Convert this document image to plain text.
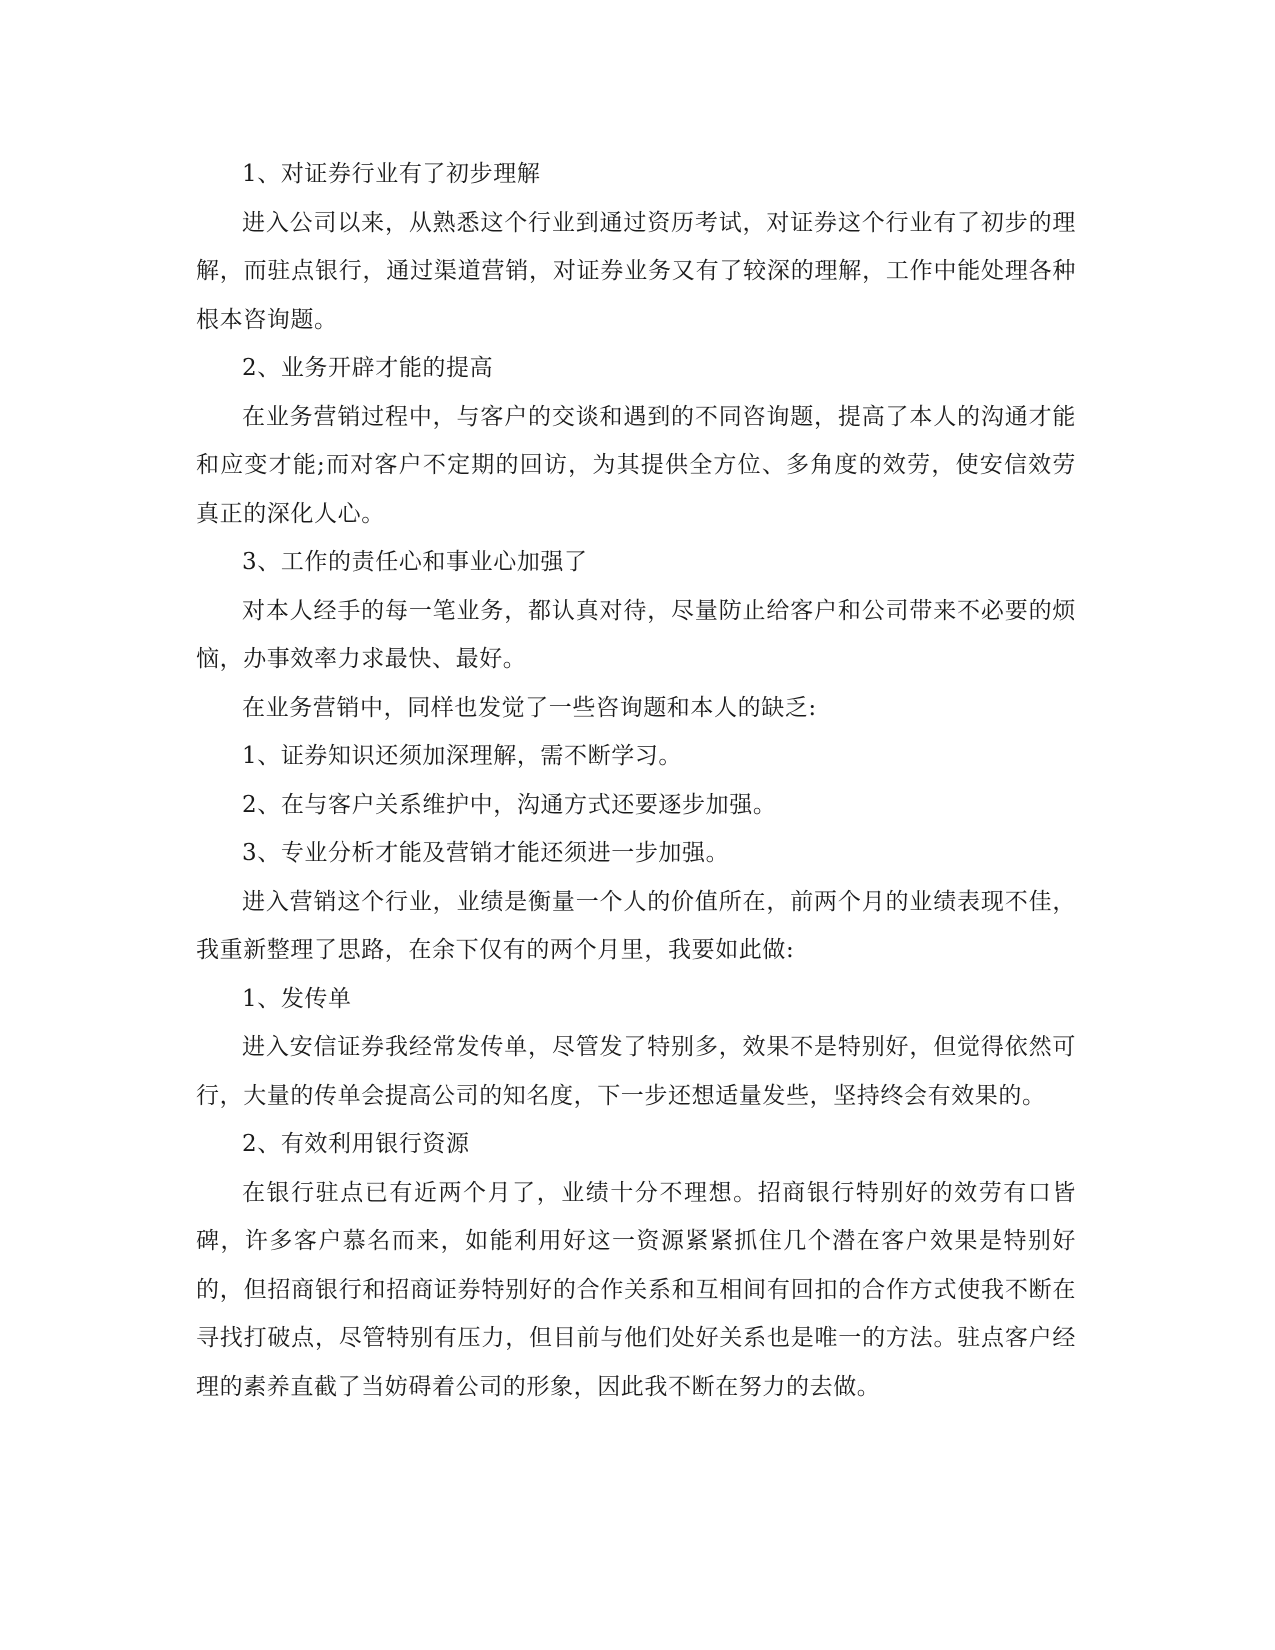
1、对证券行业有了初步理解

进入公司以来，从熟悉这个行业到通过资历考试，对证券这个行业有了初步的理解，而驻点银行，通过渠道营销，对证券业务又有了较深的理解，工作中能处理各种根本咨询题。

2、业务开辟才能的提高

在业务营销过程中，与客户的交谈和遇到的不同咨询题，提高了本人的沟通才能和应变才能;而对客户不定期的回访，为其提供全方位、多角度的效劳，使安信效劳真正的深化人心。

3、工作的责任心和事业心加强了

对本人经手的每一笔业务，都认真对待，尽量防止给客户和公司带来不必要的烦恼，办事效率力求最快、最好。

在业务营销中，同样也发觉了一些咨询题和本人的缺乏:

1、证券知识还须加深理解，需不断学习。

2、在与客户关系维护中，沟通方式还要逐步加强。

3、专业分析才能及营销才能还须进一步加强。

进入营销这个行业，业绩是衡量一个人的价值所在，前两个月的业绩表现不佳，我重新整理了思路，在余下仅有的两个月里，我要如此做:

1、发传单

进入安信证券我经常发传单，尽管发了特别多，效果不是特别好，但觉得依然可行，大量的传单会提高公司的知名度，下一步还想适量发些，坚持终会有效果的。

2、有效利用银行资源

在银行驻点已有近两个月了，业绩十分不理想。招商银行特别好的效劳有口皆碑，许多客户慕名而来，如能利用好这一资源紧紧抓住几个潜在客户效果是特别好的，但招商银行和招商证券特别好的合作关系和互相间有回扣的合作方式使我不断在寻找打破点，尽管特别有压力，但目前与他们处好关系也是唯一的方法。驻点客户经理的素养直截了当妨碍着公司的形象，因此我不断在努力的去做。
